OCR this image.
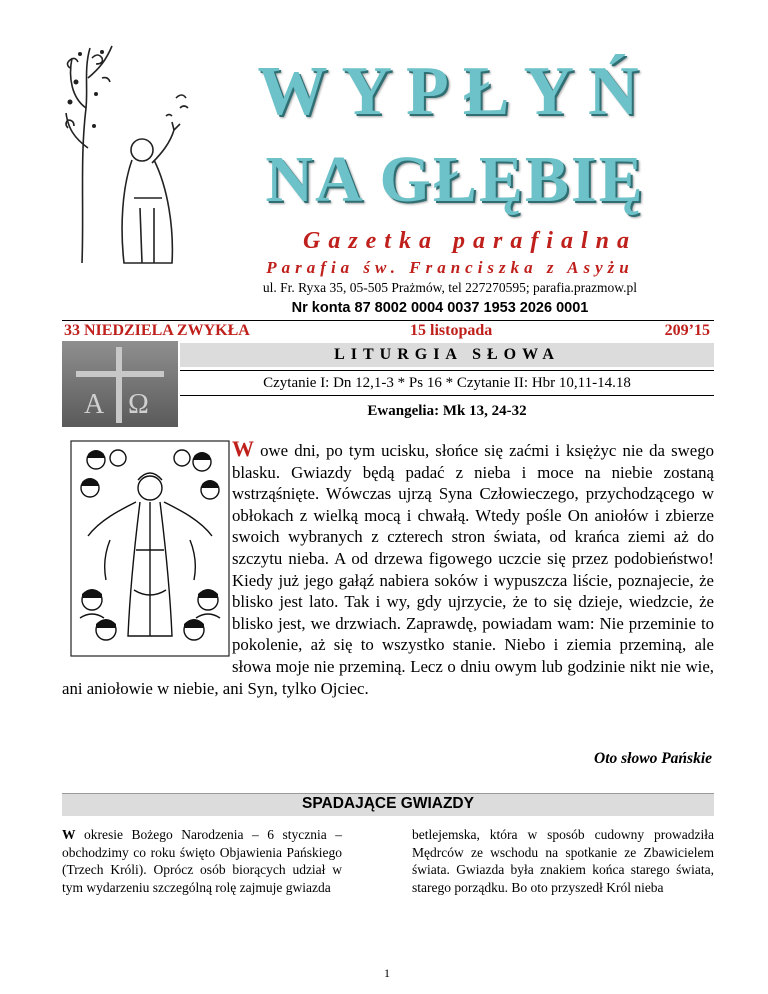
WYPŁYŃ
NA GŁĘBIĘ
Gazetka parafialna
Parafia św. Franciszka z Asyżu
ul. Fr. Ryxa 35, 05-505 Prażmów, tel 227270595; parafia.prazmow.pl
Nr konta 87 8002 0004 0037 1953 2026 0001
33 NIEDZIELA ZWYKŁA	15 listopada	209’15
A Ω
LITURGIA SŁOWA
Czytanie I: Dn 12,1-3 * Ps 16 * Czytanie II: Hbr 10,11-14.18
Ewangelia: Mk 13, 24-32
W owe dni, po tym ucisku, słońce się zaćmi i księżyc nie da swego blasku. Gwiazdy będą padać z nieba i moce na niebie zostaną wstrząśnięte. Wówczas ujrzą Syna Człowieczego, przychodzącego w obłokach z wielką mocą i chwałą. Wtedy pośle On aniołów i zbierze swoich wybranych z czterech stron świata, od krańca ziemi aż do szczytu nieba. A od drzewa figowego uczcie się przez podobieństwo! Kiedy już jego gałąź nabiera soków i wypuszcza liście, poznajecie, że blisko jest lato. Tak i wy, gdy ujrzycie, że to się dzieje, wiedzcie, że blisko jest, we drzwiach. Zaprawdę, powiadam wam: Nie przeminie to pokolenie, aż się to wszystko stanie. Niebo i ziemia przeminą, ale słowa moje nie przeminą. Lecz o dniu owym lub godzinie nikt nie wie, ani aniołowie w niebie, ani Syn, tylko Ojciec.
Oto słowo Pańskie
SPADAJĄCE GWIAZDY
W okresie Bożego Narodzenia – 6 stycznia – obchodzimy co roku święto Objawienia Pańskiego (Trzech Króli). Oprócz osób biorących udział w tym wydarzeniu szczególną rolę zajmuje gwiazda
betlejemska, która w sposób cudowny prowadziła Mędrców ze wschodu na spotkanie ze Zbawicielem świata. Gwiazda była znakiem końca starego świata, starego porządku. Bo oto przyszedł Król nieba
1
